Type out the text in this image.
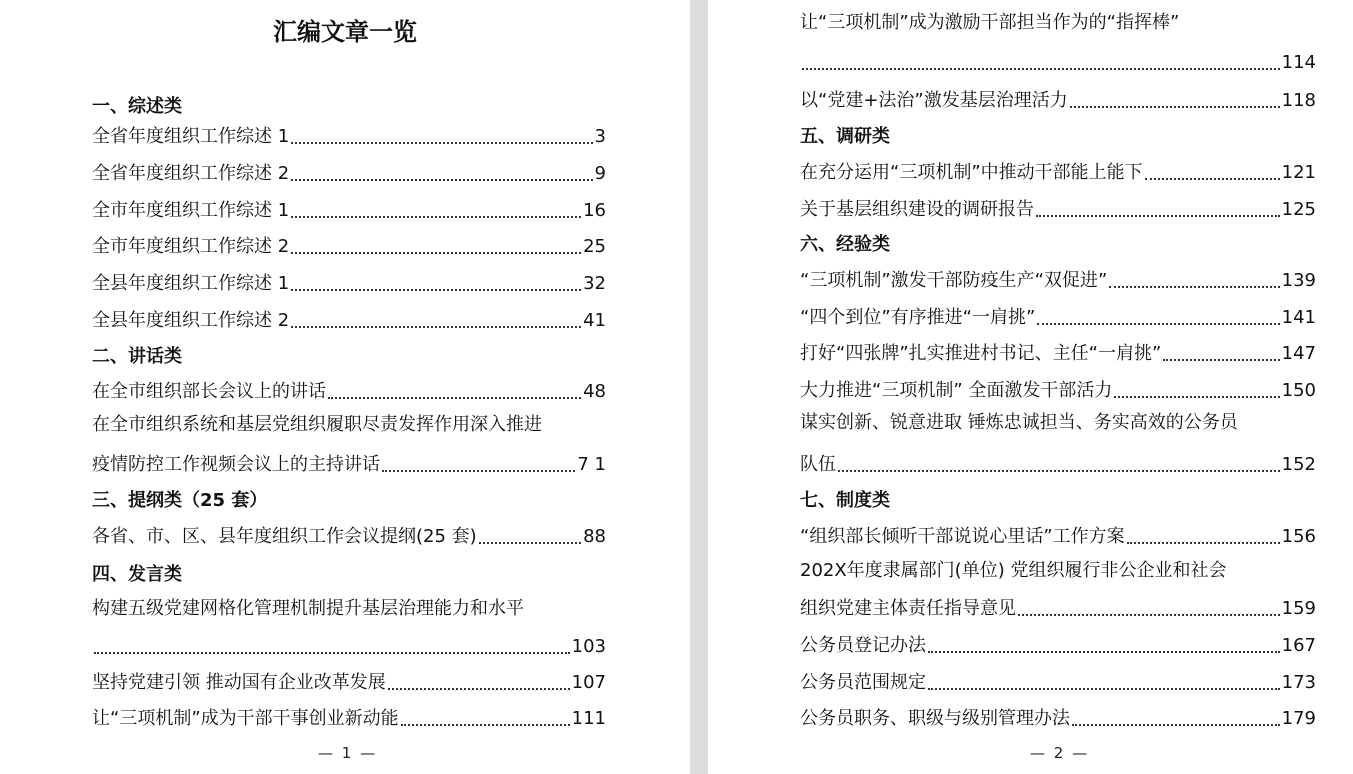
汇编文章一览
一、综述类
全省年度组织工作综述 1	3
全省年度组织工作综述 2	9
全市年度组织工作综述 1	16
全市年度组织工作综述 2	25
全县年度组织工作综述 1	32
全县年度组织工作综述 2	41
二、讲话类
在全市组织部长会议上的讲话	48
在全市组织系统和基层党组织履职尽责发挥作用深入推进
疫情防控工作视频会议上的主持讲话	7 1
三、提纲类（25 套）
各省、市、区、县年度组织工作会议提纲(25 套)	88
四、发言类
构建五级党建网格化管理机制提升基层治理能力和水平
103
坚持党建引领 推动国有企业改革发展	107
让“三项机制”成为干部干事创业新动能	111
— 1 —
让“三项机制”成为激励干部担当作为的“指挥棒”
114
以“党建+法治”激发基层治理活力	118
五、调研类
在充分运用“三项机制”中推动干部能上能下	121
关于基层组织建设的调研报告	125
六、经验类
“三项机制”激发干部防疫生产“双促进”	139
“四个到位”有序推进“一肩挑”	141
打好“四张牌”扎实推进村书记、主任“一肩挑”	147
大力推进“三项机制” 全面激发干部活力	150
谋实创新、锐意进取 锤炼忠诚担当、务实高效的公务员
队伍	152
七、制度类
“组织部长倾听干部说说心里话”工作方案	156
202X年度隶属部门(单位) 党组织履行非公企业和社会
组织党建主体责任指导意见	159
公务员登记办法	167
公务员范围规定	173
公务员职务、职级与级别管理办法	179
— 2 —
